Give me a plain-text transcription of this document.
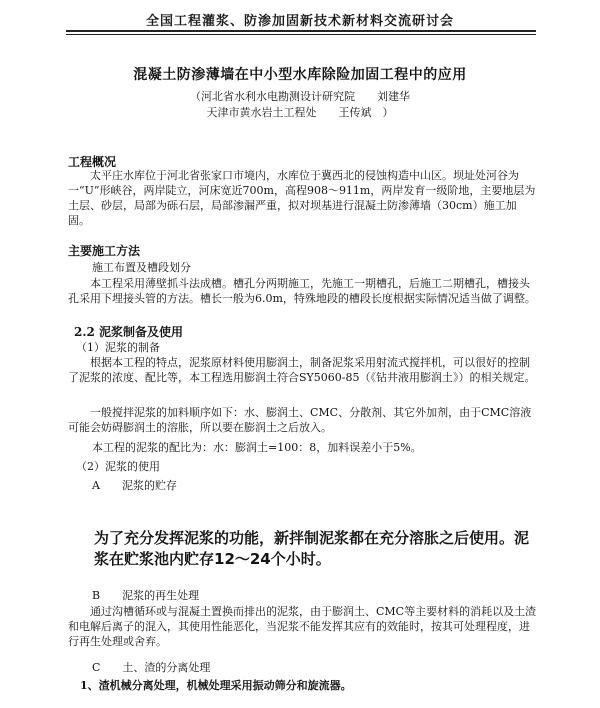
全国工程灌浆、防渗加固新技术新材料交流研讨会
混凝土防渗薄墙在中小型水库除险加固工程中的应用
（河北省水利水电勘测设计研究院　　刘建华
天津市黄水岩土工程处　　王传斌　）
工程概况
太平庄水库位于河北省张家口市境内，水库位于冀西北的侵蚀构造中山区。坝址处河谷为一“U”形峡谷，两岸陡立，河床宽近700m，高程908～911m，两岸发育一级阶地，主要地层为土层、砂层，局部为砾石层，局部渗漏严重，拟对坝基进行混凝土防渗薄墙（30cm）施工加固。
主要施工方法
施工布置及槽段划分
本工程采用薄壁抓斗法成槽。槽孔分两期施工，先施工一期槽孔，后施工二期槽孔，槽接头孔采用下埋接头管的方法。槽长一般为6.0m，特殊地段的槽段长度根据实际情况适当做了调整。
2.2 泥浆制备及使用
（1）泥浆的制备
根据本工程的特点，泥浆原材料使用膨润土，制备泥浆采用射流式搅拌机，可以很好的控制了泥浆的浓度、配比等，本工程选用膨润土符合SY5060-85（《钻井液用膨润土》）的相关规定。
一般搅拌泥浆的加料顺序如下：水、膨润土、CMC、分散剂、其它外加剂，由于CMC溶液可能会妨碍膨润土的溶胀，所以要在膨润土之后放入。
本工程的泥浆的配比为：水：膨润土=100：8，加料误差小于5%。
（2）泥浆的使用
A　　泥浆的贮存
为了充分发挥泥浆的功能，新拌制泥浆都在充分溶胀之后使用。泥浆在贮浆池内贮存12～24个小时。
B　　泥浆的再生处理
通过沟槽循环或与混凝土置换而排出的泥浆，由于膨润土、CMC等主要材料的消耗以及土渣和电解后离子的混入，其使用性能恶化，当泥浆不能发挥其应有的效能时，按其可处理程度，进行再生处理或舍弃。
C　　土、渣的分离处理
1、渣机械分离处理，机械处理采用振动筛分和旋流器。
